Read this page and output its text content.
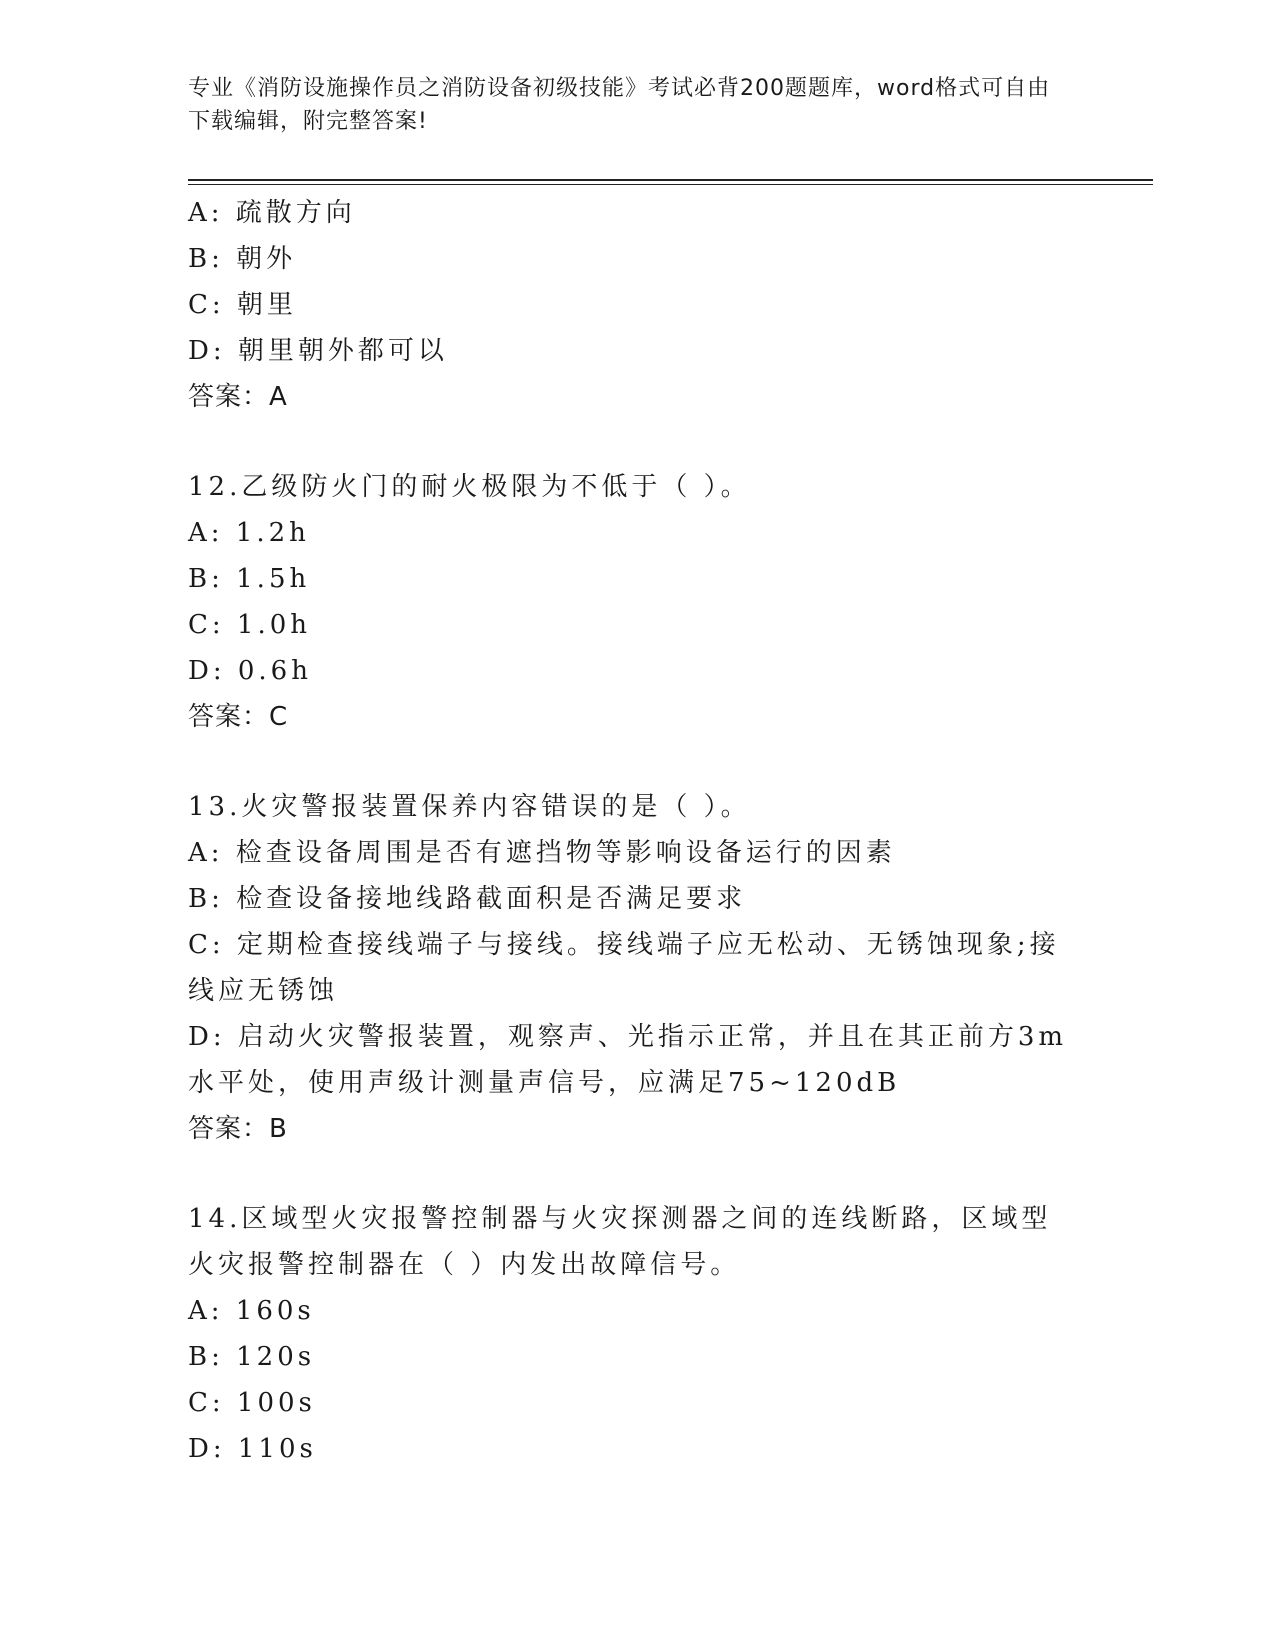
专业《消防设施操作员之消防设备初级技能》考试必背200题题库，word格式可自由下载编辑，附完整答案!
A: 疏散方向
B: 朝外
C: 朝里
D: 朝里朝外都可以
答案：A
12.乙级防火门的耐火极限为不低于（ ）。
A: 1.2h
B: 1.5h
C: 1.0h
D: 0.6h
答案：C
13.火灾警报装置保养内容错误的是（ ）。
A: 检查设备周围是否有遮挡物等影响设备运行的因素
B: 检查设备接地线路截面积是否满足要求
C: 定期检查接线端子与接线。接线端子应无松动、无锈蚀现象;接线应无锈蚀
D: 启动火灾警报装置，观察声、光指示正常，并且在其正前方3m水平处，使用声级计测量声信号，应满足75~120dB
答案：B
14.区域型火灾报警控制器与火灾探测器之间的连线断路，区域型火灾报警控制器在（ ）内发出故障信号。
A: 160s
B: 120s
C: 100s
D: 110s
